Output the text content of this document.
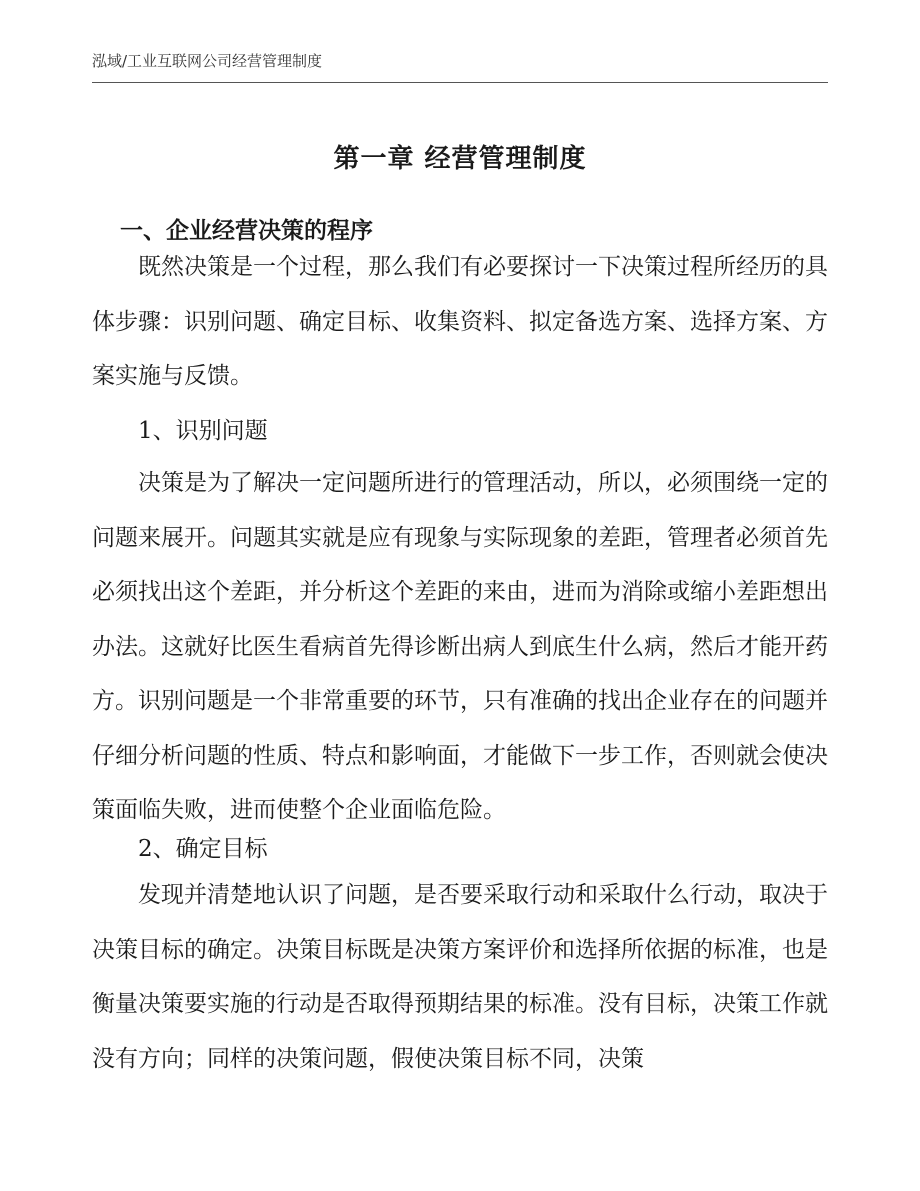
泓域/工业互联网公司经营管理制度
第一章 经营管理制度
一、企业经营决策的程序

既然决策是一个过程，那么我们有必要探讨一下决策过程所经历的具体步骤：识别问题、确定目标、收集资料、拟定备选方案、选择方案、方案实施与反馈。

1、识别问题

决策是为了解决一定问题所进行的管理活动，所以，必须围绕一定的问题来展开。问题其实就是应有现象与实际现象的差距，管理者必须首先必须找出这个差距，并分析这个差距的来由，进而为消除或缩小差距想出办法。这就好比医生看病首先得诊断出病人到底生什么病，然后才能开药方。识别问题是一个非常重要的环节，只有准确的找出企业存在的问题并仔细分析问题的性质、特点和影响面，才能做下一步工作，否则就会使决策面临失败，进而使整个企业面临危险。

2、确定目标

发现并清楚地认识了问题，是否要采取行动和采取什么行动，取决于决策目标的确定。决策目标既是决策方案评价和选择所依据的标准，也是衡量决策要实施的行动是否取得预期结果的标准。没有目标，决策工作就没有方向；同样的决策问题，假使决策目标不同，决策
